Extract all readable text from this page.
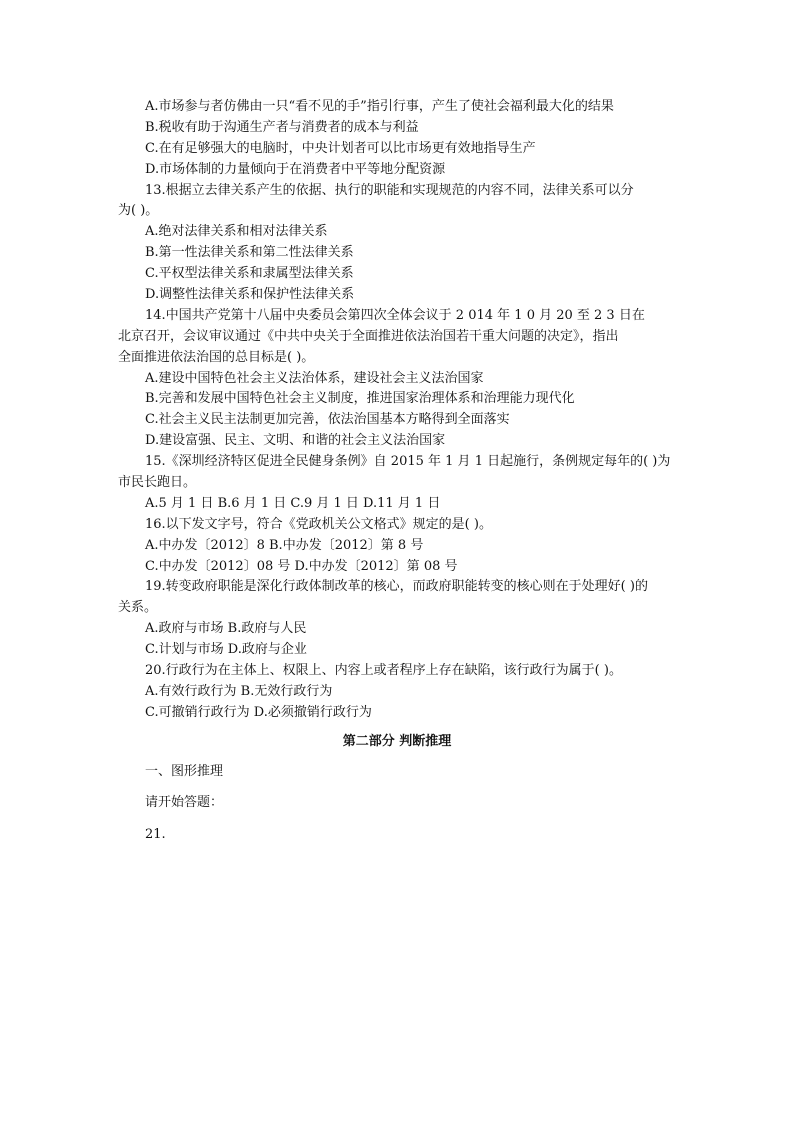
A.市场参与者仿佛由一只“看不见的手”指引行事，产生了使社会福利最大化的结果
B.税收有助于沟通生产者与消费者的成本与利益
C.在有足够强大的电脑时，中央计划者可以比市场更有效地指导生产
D.市场体制的力量倾向于在消费者中平等地分配资源
13.根据立去律关系产生的依据、执行的职能和实现规范的内容不同，法律关系可以分
为( )。
A.绝对法律关系和相对法律关系
B.第一性法律关系和第二性法律关系
C.平权型法律关系和隶属型法律关系
D.调整性法律关系和保护性法律关系
14.中国共产党第十八届中央委员会第四次全体会议于 2 014 年 1 0 月 20 至 2 3 日在
北京召开，会议审议通过《中共中央关于全面推进依法治国若干重大问题的决定》，指出
全面推进依法治国的总目标是( )。
A.建设中国特色社会主义法治体系，建设社会主义法治国家
B.完善和发展中国特色社会主义制度，推进国家治理体系和治理能力现代化
C.社会主义民主法制更加完善，依法治国基本方略得到全面落实
D.建设富强、民主、文明、和谐的社会主义法治国家
15.《深圳经济特区促进全民健身条例》自 2015 年 1 月 1 日起施行，条例规定每年的( )为
市民长跑日。
A.5 月 1 日 B.6 月 1 日 C.9 月 1 日 D.11 月 1 日
16.以下发文字号，符合《党政机关公文格式》规定的是( )。
A.中办发〔2012〕8 B.中办发〔2012〕第 8 号
C.中办发〔2012〕08 号 D.中办发〔2012〕第 08 号
19.转变政府职能是深化行政体制改革的核心，而政府职能转变的核心则在于处理好( )的
关系。
A.政府与市场 B.政府与人民
C.计划与市场 D.政府与企业
20.行政行为在主体上、权限上、内容上或者程序上存在缺陷，该行政行为属于( )。
A.有效行政行为 B.无效行政行为
C.可撤销行政行为 D.必须撤销行政行为
第二部分 判断推理
一、图形推理
请开始答题：
21.
